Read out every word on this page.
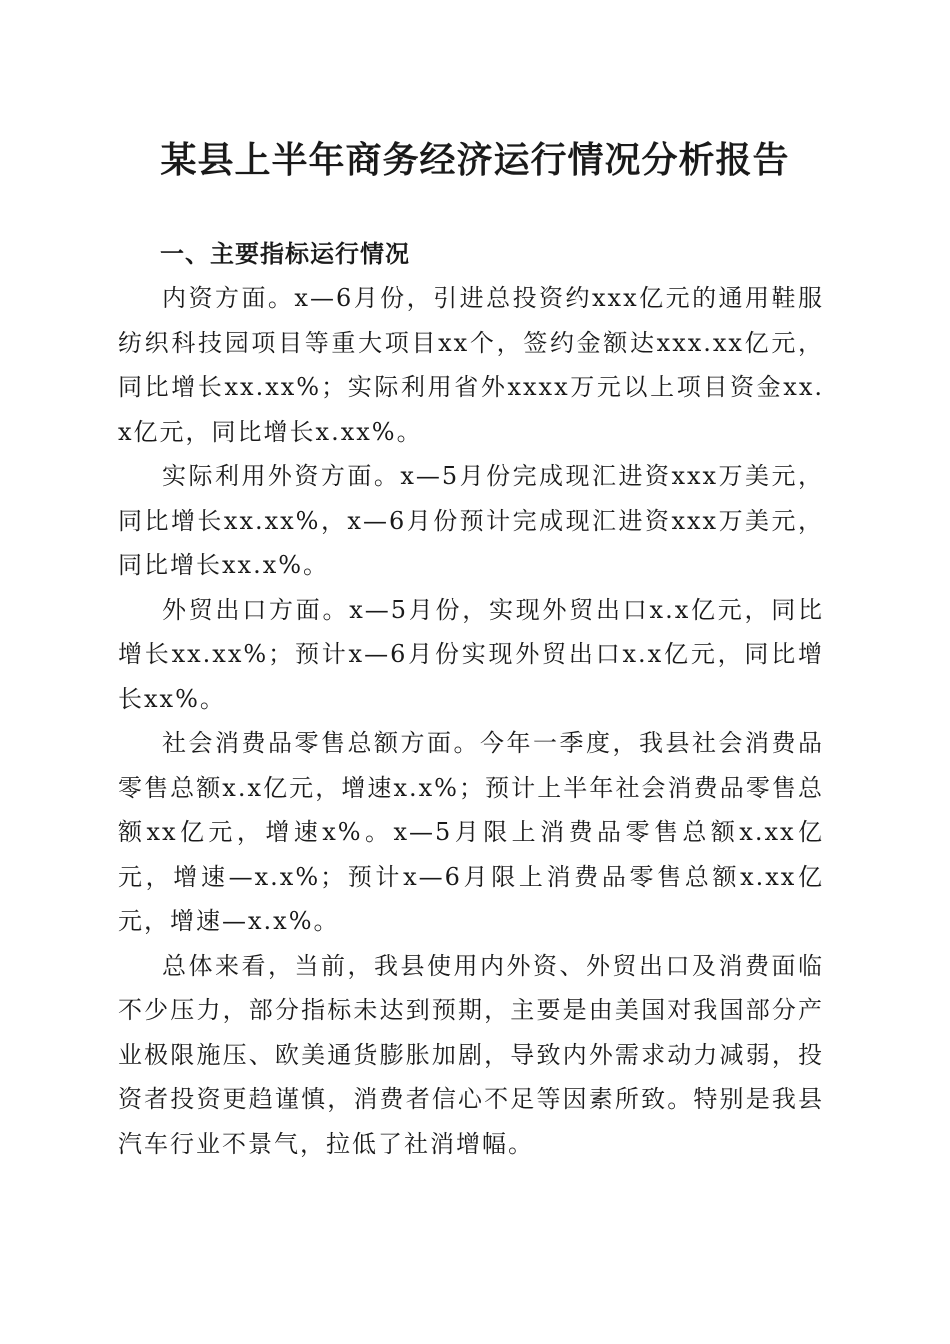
某县上半年商务经济运行情况分析报告

一、主要指标运行情况

内资方面。x—6月份，引进总投资约xxx亿元的通用鞋服纺织科技园项目等重大项目xx个，签约金额达xxx.xx亿元，同比增长xx.xx%；实际利用省外xxxx万元以上项目资金xx.x亿元，同比增长x.xx%。

实际利用外资方面。x—5月份完成现汇进资xxx万美元，同比增长xx.xx%，x—6月份预计完成现汇进资xxx万美元，同比增长xx.x%。

外贸出口方面。x—5月份，实现外贸出口x.x亿元，同比增长xx.xx%；预计x—6月份实现外贸出口x.x亿元，同比增长xx%。

社会消费品零售总额方面。今年一季度，我县社会消费品零售总额x.x亿元，增速x.x%；预计上半年社会消费品零售总额xx亿元，增速x%。x—5月限上消费品零售总额x.xx亿元，增速—x.x%；预计x—6月限上消费品零售总额x.xx亿元，增速—x.x%。

总体来看，当前，我县使用内外资、外贸出口及消费面临不少压力，部分指标未达到预期，主要是由美国对我国部分产业极限施压、欧美通货膨胀加剧，导致内外需求动力减弱，投资者投资更趋谨慎，消费者信心不足等因素所致。特别是我县汽车行业不景气，拉低了社消增幅。
